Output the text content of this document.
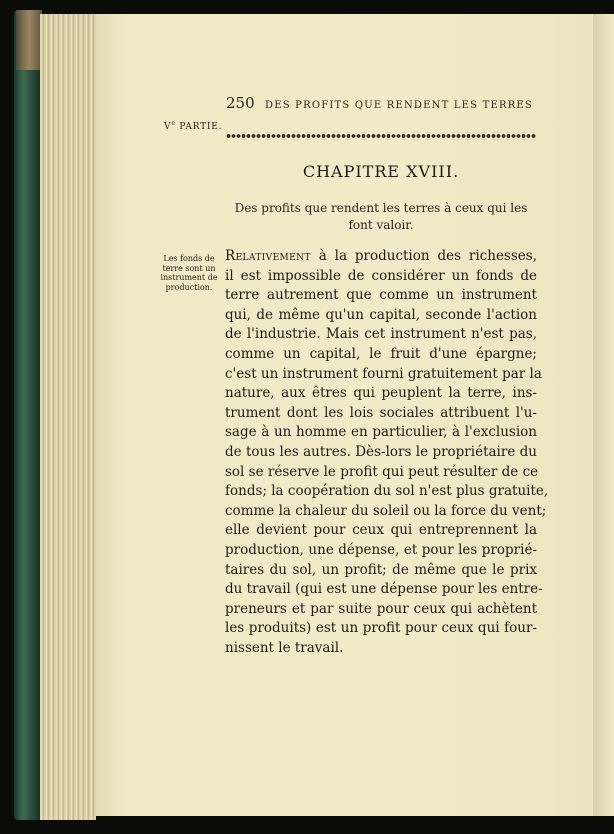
250 DES PROFITS QUE RENDENT LES TERRES
Ve PARTIE.
CHAPITRE XVIII.
Des profits que rendent les terres à ceux qui les font valoir.
Les fonds de terre sont un instrument de production.
Relativement à la production des richesses,
il est impossible de considérer un fonds de
terre autrement que comme un instrument
qui, de même qu'un capital, seconde l'action
de l'industrie. Mais cet instrument n'est pas,
comme un capital, le fruit d'une épargne;
c'est un instrument fourni gratuitement par la
nature, aux êtres qui peuplent la terre, ins-
trument dont les lois sociales attribuent l'u-
sage à un homme en particulier, à l'exclusion
de tous les autres. Dès-lors le propriétaire du
sol se réserve le profit qui peut résulter de ce
fonds; la coopération du sol n'est plus gratuite,
comme la chaleur du soleil ou la force du vent;
elle devient pour ceux qui entreprennent la
production, une dépense, et pour les proprié-
taires du sol, un profit; de même que le prix
du travail (qui est une dépense pour les entre-
preneurs et par suite pour ceux qui achètent
les produits) est un profit pour ceux qui four-
nissent le travail.
